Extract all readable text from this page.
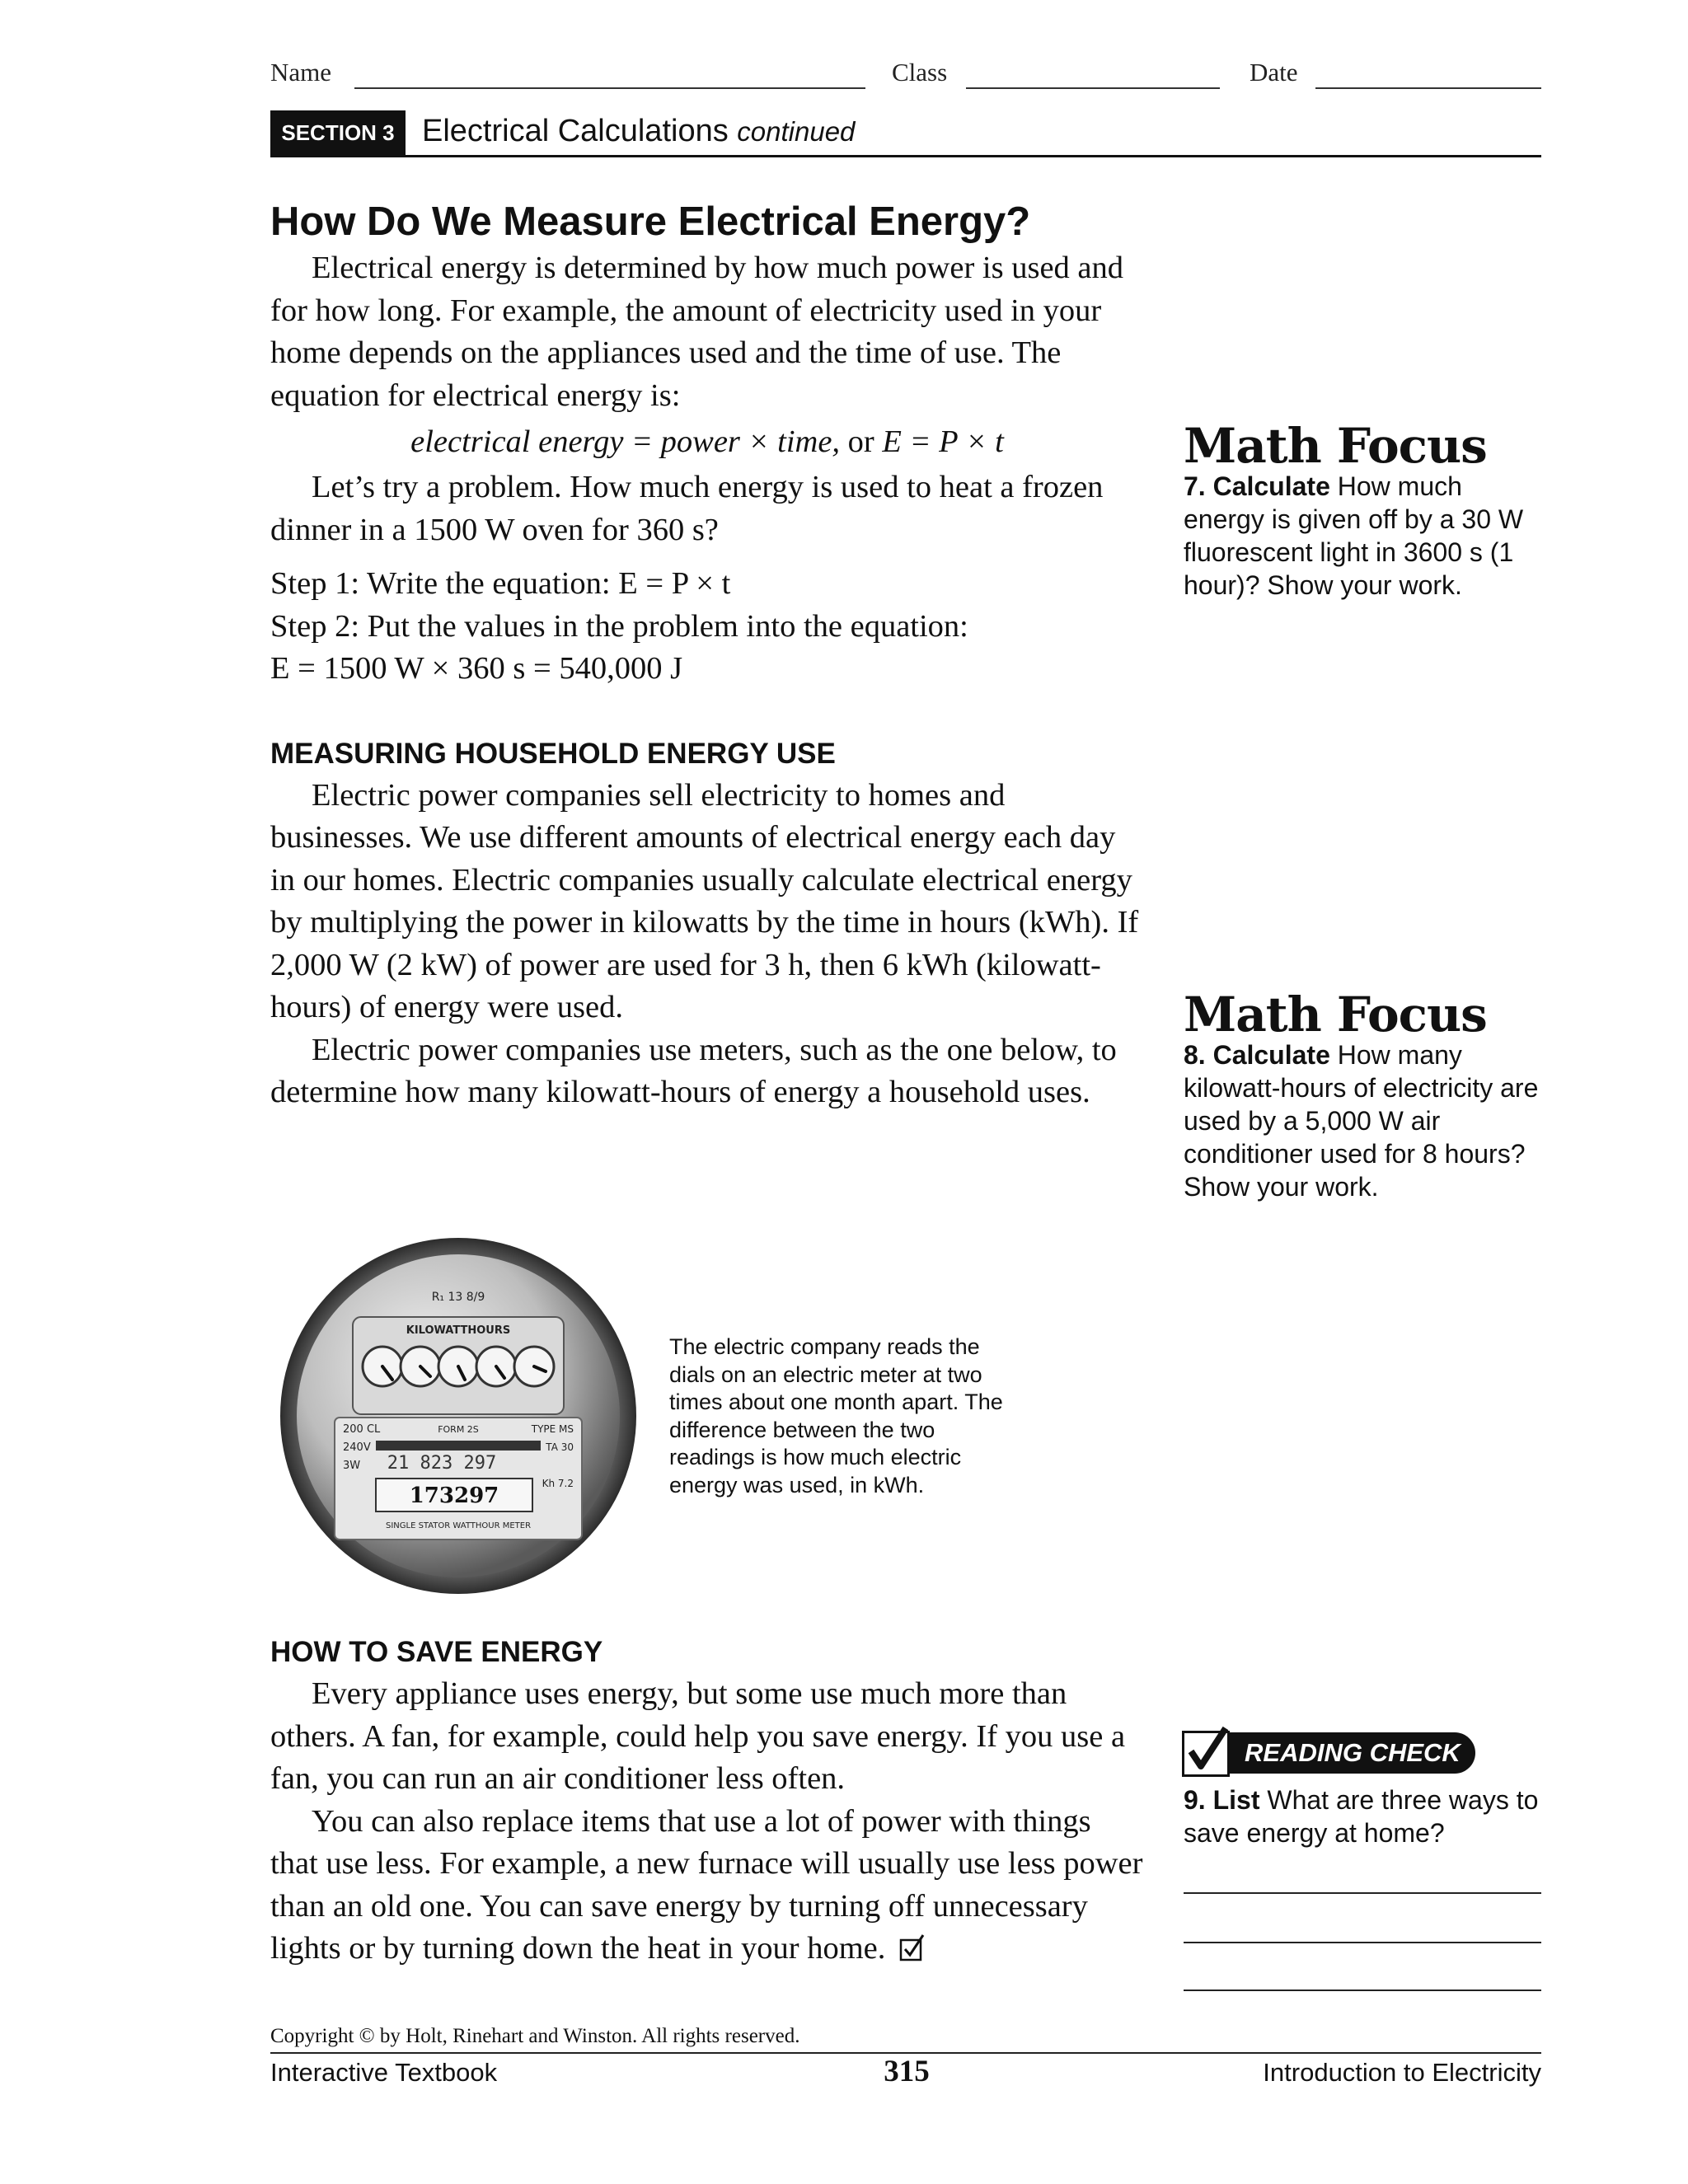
Name	Class	Date
SECTION 3 Electrical Calculations continued
How Do We Measure Electrical Energy?

Electrical energy is determined by how much power is used and for how long. For example, the amount of electricity used in your home depends on the appliances used and the time of use. The equation for electrical energy is:

electrical energy = power × time, or E = P × t

Let’s try a problem. How much energy is used to heat a frozen dinner in a 1500 W oven for 360 s?

Step 1: Write the equation: E = P × t

Step 2: Put the values in the problem into the equation:

E = 1500 W × 360 s = 540,000 J

MEASURING HOUSEHOLD ENERGY USE

Electric power companies sell electricity to homes and businesses. We use different amounts of electrical energy each day in our homes. Electric companies usually calculate electrical energy by multiplying the power in kilowatts by the time in hours (kWh). If 2,000 W (2 kW) of power are used for 3 h, then 6 kWh (kilowatt-hours) of energy were used.

Electric power companies use meters, such as the one below, to determine how many kilowatt-hours of energy a household uses.

R₁ 13 8/9
KILOWATTHOURS
200 CL
240V
3W
FORM 2S	TYPE MS
TA 30
Kh 7.2
21 823 297
173297
SINGLE STATOR WATTHOUR METER
The electric company reads the dials on an electric meter at two times about one month apart. The difference between the two readings is how much electric energy was used, in kWh.
HOW TO SAVE ENERGY

Every appliance uses energy, but some use much more than others. A fan, for example, could help you save energy. If you use a fan, you can run an air conditioner less often.

You can also replace items that use a lot of power with things that use less. For example, a new furnace will usually use less power than an old one. You can save energy by turning off unnecessary lights or by turning down the heat in your home.

Math Focus
7. Calculate How much energy is given off by a 30 W fluorescent light in 3600 s (1 hour)? Show your work.
Math Focus
8. Calculate How many kilowatt-hours of electricity are used by a 5,000 W air conditioner used for 8 hours? Show your work.
READING CHECK
9. List What are three ways to save energy at home?
Copyright © by Holt, Rinehart and Winston. All rights reserved.
Interactive Textbook	315	Introduction to Electricity
